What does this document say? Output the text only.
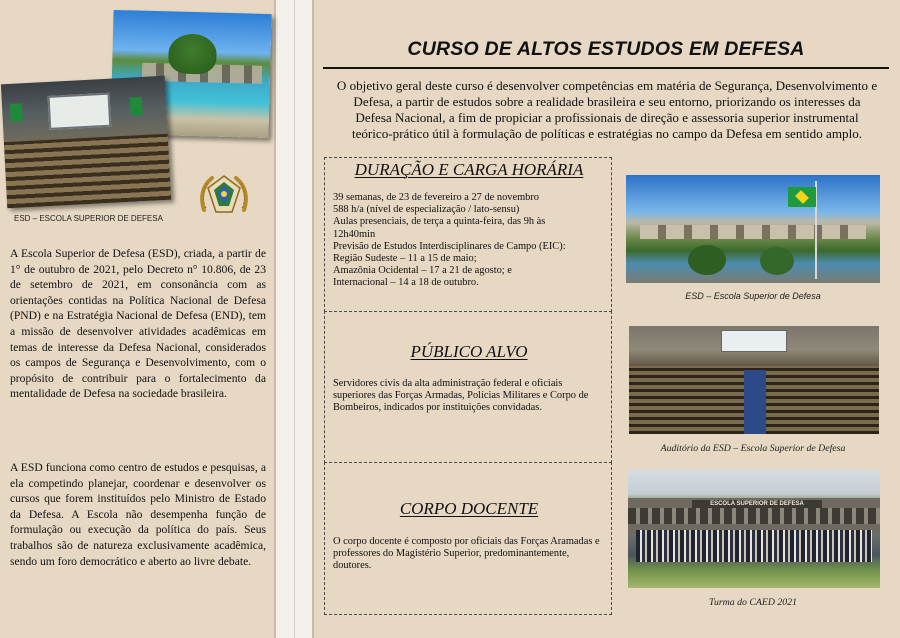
ESD – ESCOLA SUPERIOR DE DEFESA

A Escola Superior de Defesa (ESD), criada, a partir de 1° de outubro de 2021, pelo Decreto n° 10.806, de 23 de setembro de 2021, em consonância com as orientações contidas na Política Nacional de Defesa (PND) e na Estratégia Nacional de Defesa (END), tem a missão de desenvolver atividades acadêmicas em temas de interesse da Defesa Nacional, considerados os campos de Segurança e Desenvolvimento, com o propósito de contribuir para o fortalecimento da mentalidade de Defesa na sociedade brasileira.

A ESD funciona como centro de estudos e pesquisas, a ela competindo planejar, coordenar e desenvolver os cursos que forem instituídos pelo Ministro de Estado da Defesa. A Escola não desempenha função de formulação ou execução da política do país. Seus trabalhos são de natureza exclusivamente acadêmica, sendo um foro democrático e aberto ao livre debate.

CURSO DE ALTOS ESTUDOS EM DEFESA

O objetivo geral deste curso é desenvolver competências em matéria de Segurança, Desenvolvimento e Defesa, a partir de estudos sobre a realidade brasileira e seu entorno, priorizando os interesses da Defesa Nacional, a fim de propiciar a profissionais de direção e assessoria superior instrumental teórico-prático útil à formulação de políticas e estratégias no campo da Defesa em sentido amplo.

DURAÇÃO E CARGA HORÁRIA
39 semanas, de 23 de fevereiro a 27 de novembro
588 h/a (nível de especialização / lato-sensu)
Aulas presenciais, de terça a quinta-feira, das 9h às
12h40min
Previsão de Estudos Interdisciplinares de Campo (EIC):
Região Sudeste – 11 a 15 de maio;
Amazônia Ocidental – 17 a 21 de agosto; e
Internacional – 14 a 18 de outubro.
PÚBLICO ALVO

Servidores civis da alta administração federal e oficiais superiores das Forças Armadas, Polícias Militares e Corpo de Bombeiros, indicados por instituições convidadas.

CORPO DOCENTE

O corpo docente é composto por oficiais das Forças Aramadas e professores do Magistério Superior, predominantemente, doutores.

ESD – Escola Superior de Defesa
Auditório da ESD – Escola Superior de Defesa
ESCOLA SUPERIOR DE DEFESA
Turma do CAED 2021
